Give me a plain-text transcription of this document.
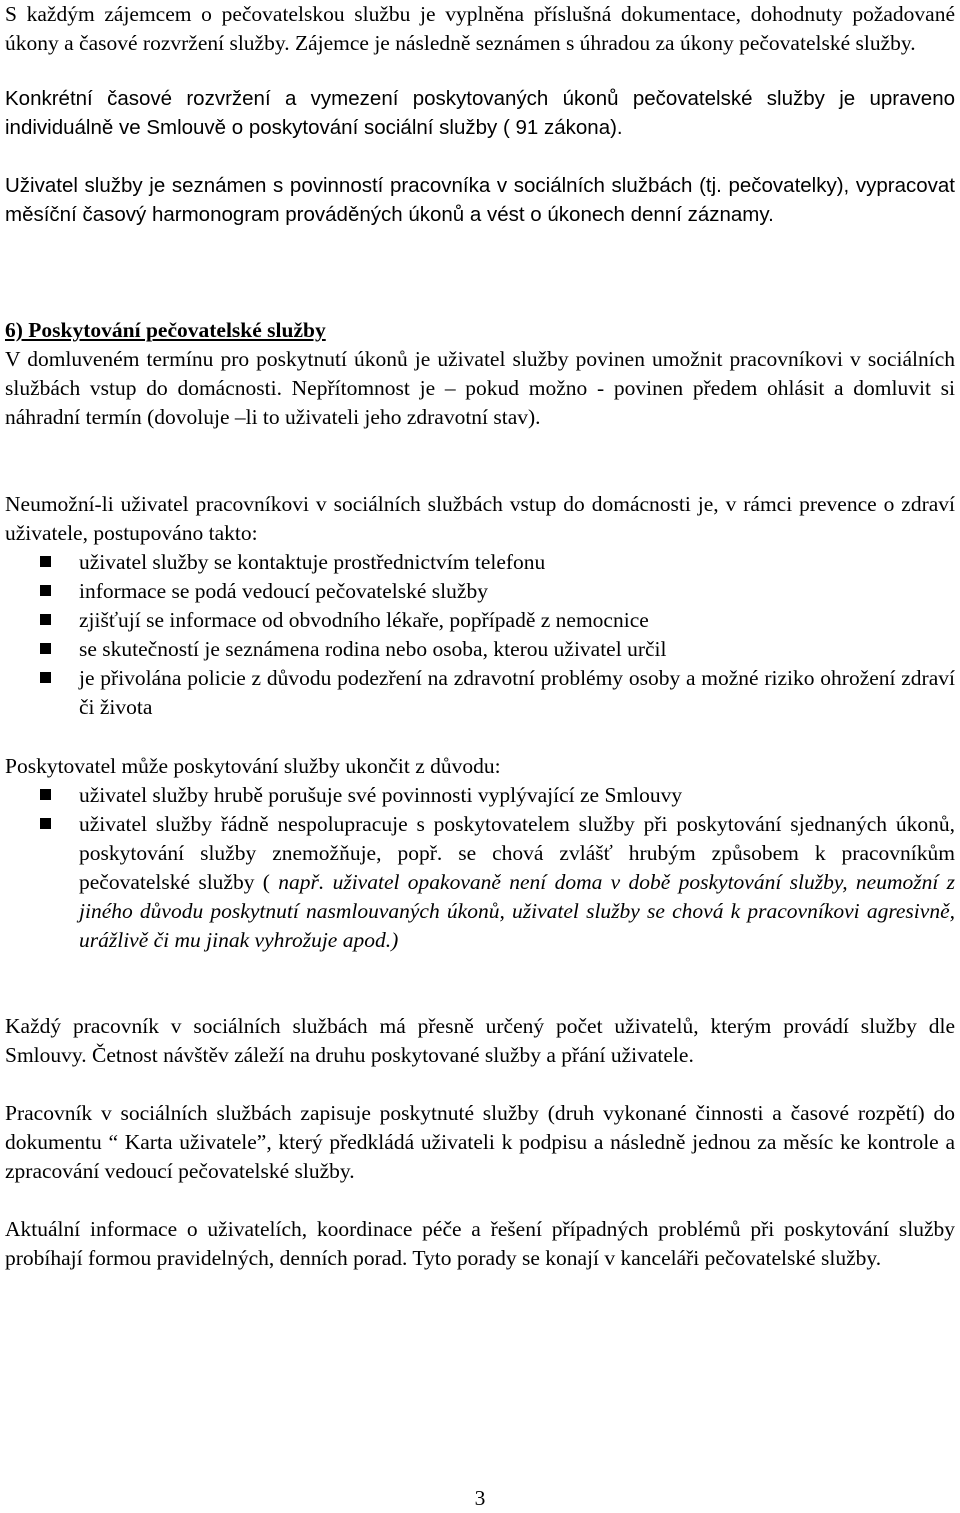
S každým zájemcem o pečovatelskou službu je vyplněna příslušná dokumentace, dohodnuty požadované úkony a časové rozvržení služby. Zájemce je následně seznámen s úhradou za úkony pečovatelské služby.

Konkrétní časové rozvržení a vymezení poskytovaných úkonů pečovatelské služby je upraveno individuálně ve Smlouvě o poskytování sociální služby ( 91 zákona).

Uživatel služby je seznámen s povinností pracovníka v sociálních službách (tj. pečovatelky), vypracovat měsíční časový harmonogram prováděných úkonů a vést o úkonech denní záznamy.

6) Poskytování pečovatelské služby

V domluveném termínu pro poskytnutí úkonů je uživatel služby povinen umožnit pracovníkovi v sociálních službách vstup do domácnosti. Nepřítomnost je – pokud možno - povinen předem ohlásit a domluvit si náhradní termín (dovoluje –li to uživateli jeho zdravotní stav).

Neumožní-li uživatel pracovníkovi v sociálních službách vstup do domácnosti je, v rámci prevence o zdraví uživatele, postupováno takto:

uživatel služby se kontaktuje prostřednictvím telefonu
informace se podá vedoucí pečovatelské služby
zjišťují se informace od obvodního lékaře, popřípadě z nemocnice
se skutečností je seznámena rodina nebo osoba, kterou uživatel určil
je přivolána policie z důvodu podezření na zdravotní problémy osoby a možné riziko ohrožení zdraví či života

Poskytovatel může poskytování služby ukončit z důvodu:

uživatel služby hrubě porušuje své povinnosti vyplývající ze Smlouvy
uživatel služby řádně nespolupracuje s poskytovatelem služby při poskytování sjednaných úkonů, poskytování služby znemožňuje, popř. se chová zvlášť hrubým způsobem k pracovníkům pečovatelské služby ( např. uživatel opakovaně není doma v době poskytování služby, neumožní z jiného důvodu poskytnutí nasmlouvaných úkonů, uživatel služby se chová k pracovníkovi agresivně, urážlivě či mu jinak vyhrožuje apod.)

Každý pracovník v sociálních službách má přesně určený počet uživatelů, kterým provádí služby dle Smlouvy. Četnost návštěv záleží na druhu poskytované služby a přání uživatele.

Pracovník v sociálních službách zapisuje poskytnuté služby (druh vykonané činnosti a časové rozpětí) do dokumentu “ Karta uživatele”, který předkládá uživateli k podpisu a následně jednou za měsíc ke kontrole a zpracování vedoucí pečovatelské služby.

Aktuální informace o uživatelích, koordinace péče a řešení případných problémů při poskytování služby probíhají formou pravidelných, denních porad. Tyto porady se konají v kanceláři pečovatelské služby.

3
